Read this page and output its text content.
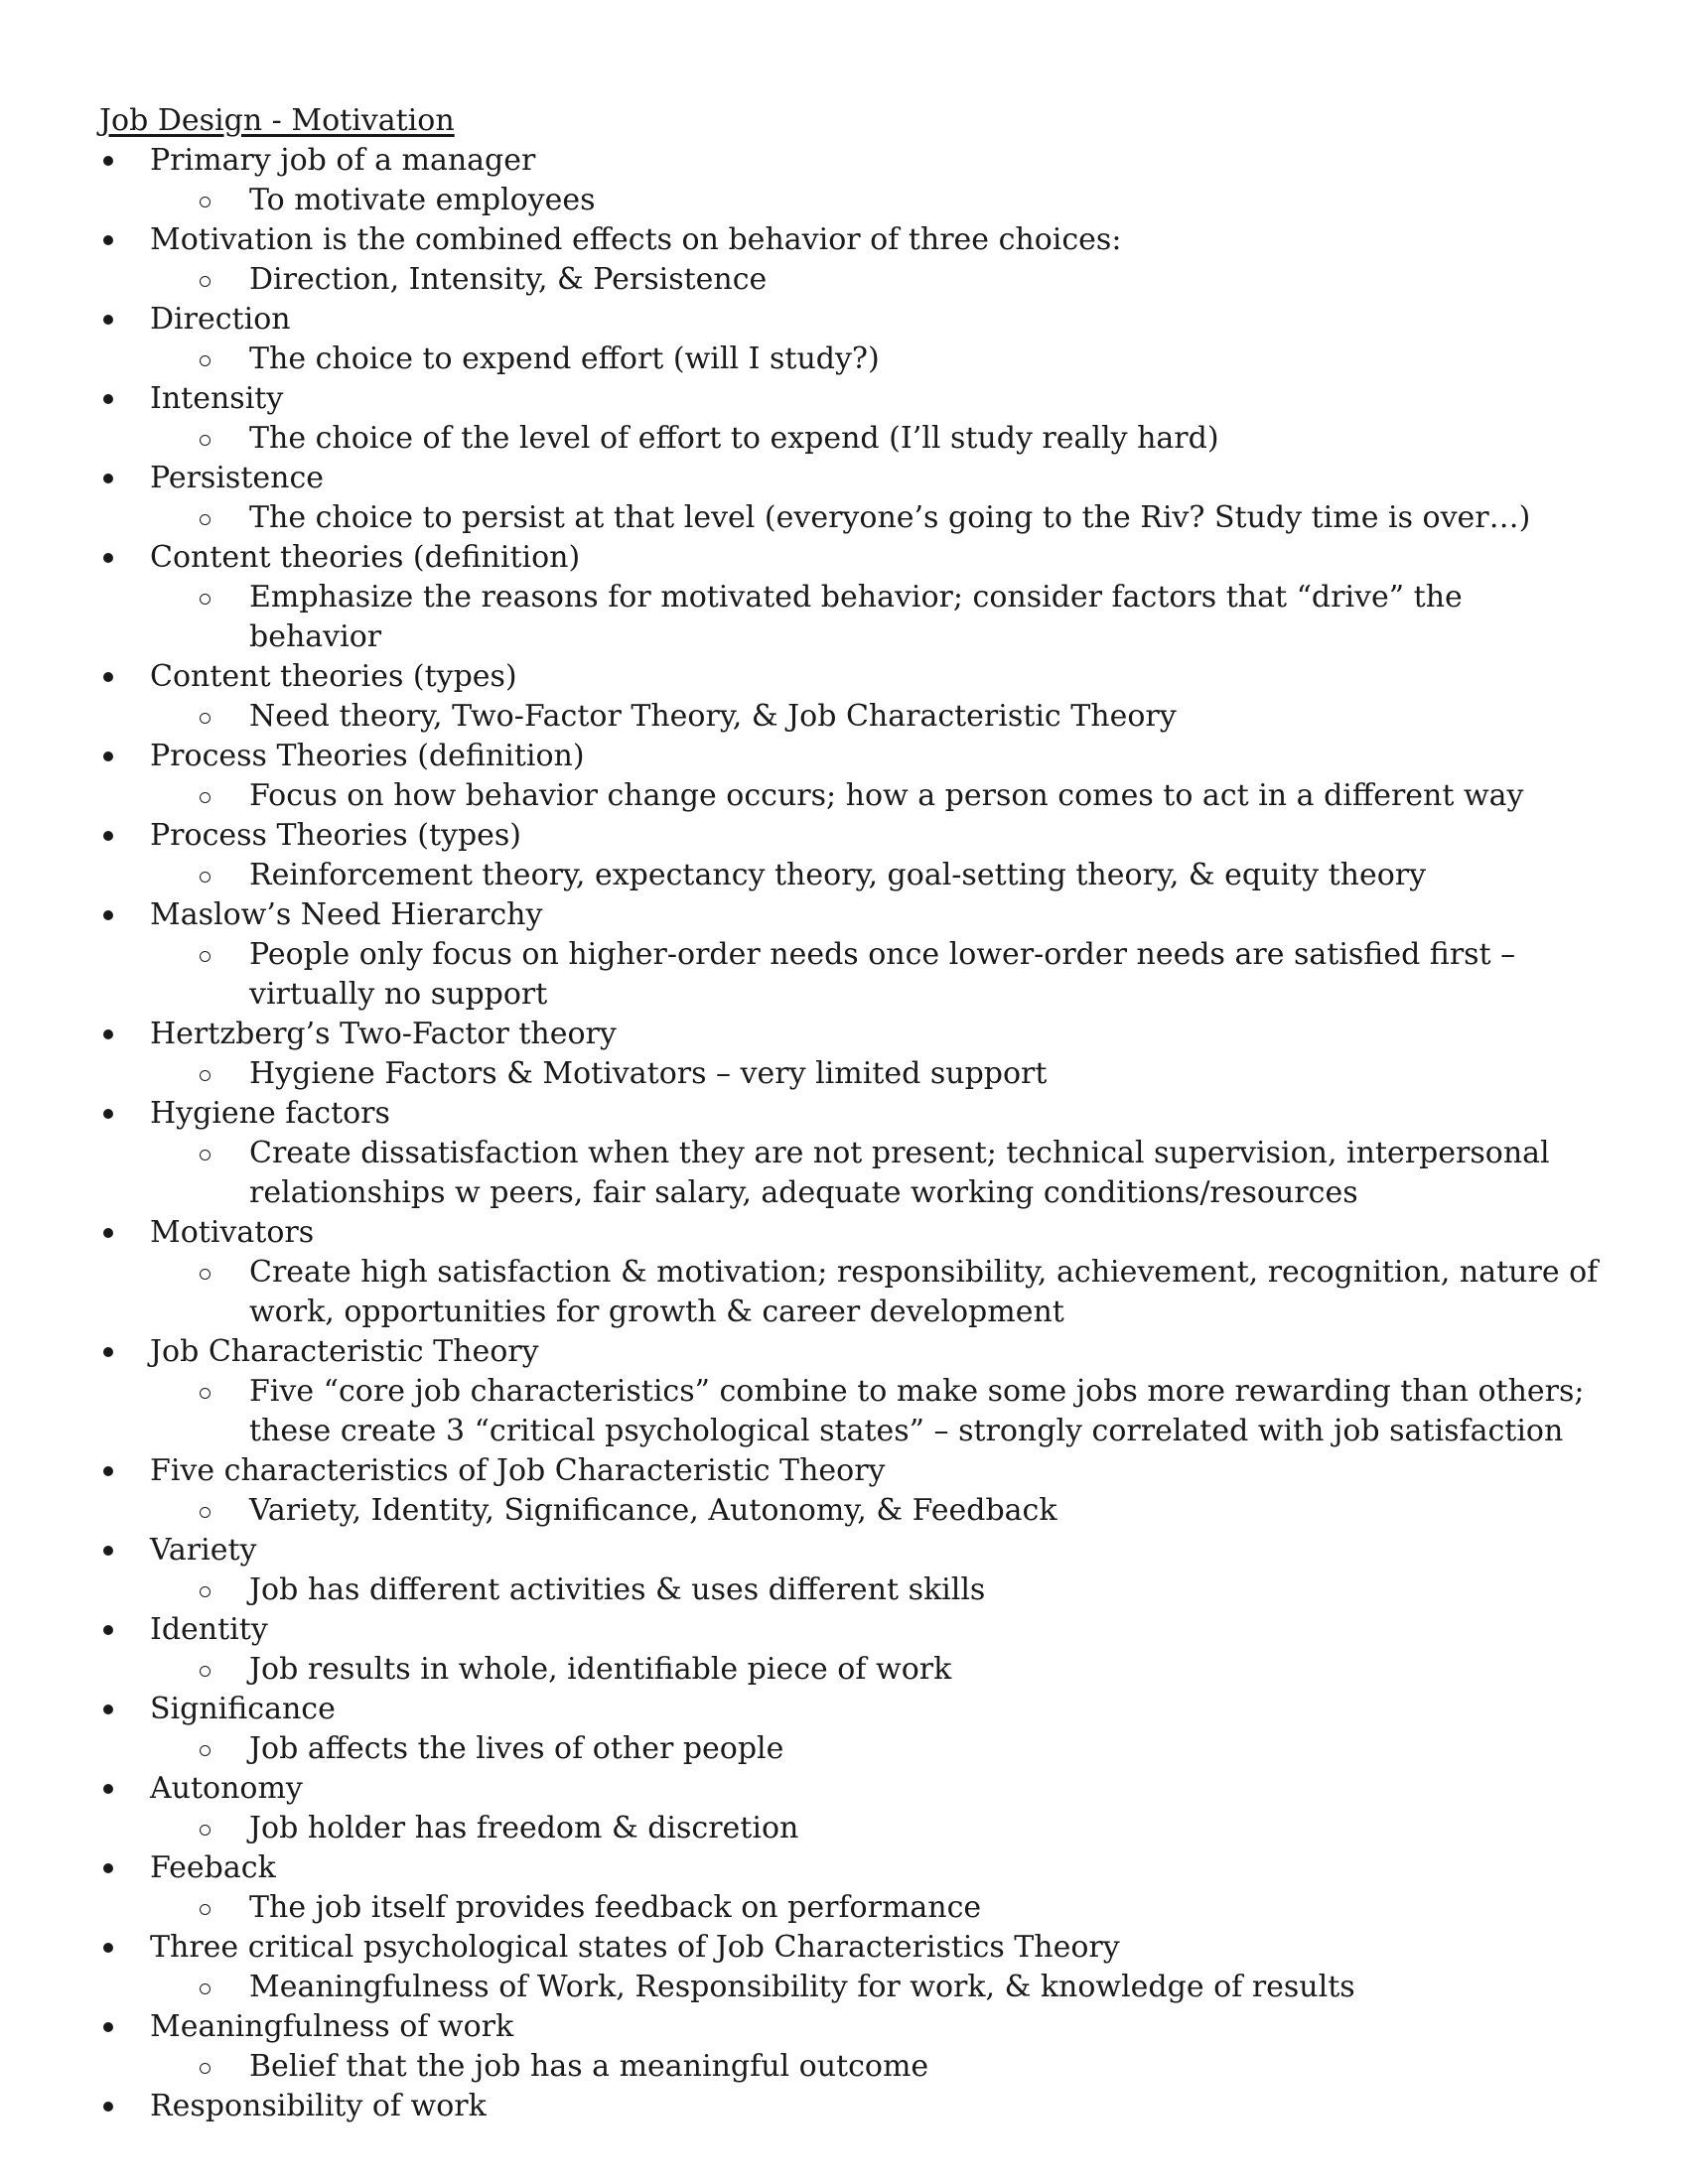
Job Design - Motivation
Primary job of a manager
To motivate employees
Motivation is the combined effects on behavior of three choices:
Direction, Intensity, & Persistence
Direction
The choice to expend effort (will I study?)
Intensity
The choice of the level of effort to expend (I’ll study really hard)
Persistence
The choice to persist at that level (everyone’s going to the Riv? Study time is over…)
Content theories (definition)
Emphasize the reasons for motivated behavior; consider factors that “drive” the behavior
Content theories (types)
Need theory, Two-Factor Theory, & Job Characteristic Theory
Process Theories (definition)
Focus on how behavior change occurs; how a person comes to act in a different way
Process Theories (types)
Reinforcement theory, expectancy theory, goal-setting theory, & equity theory
Maslow’s Need Hierarchy
People only focus on higher-order needs once lower-order needs are satisfied first – virtually no support
Hertzberg’s Two-Factor theory
Hygiene Factors & Motivators – very limited support
Hygiene factors
Create dissatisfaction when they are not present; technical supervision, interpersonal relationships w peers, fair salary, adequate working conditions/resources
Motivators
Create high satisfaction & motivation; responsibility, achievement, recognition, nature of work, opportunities for growth & career development
Job Characteristic Theory
Five “core job characteristics” combine to make some jobs more rewarding than others; these create 3 “critical psychological states” – strongly correlated with job satisfaction
Five characteristics of Job Characteristic Theory
Variety, Identity, Significance, Autonomy, & Feedback
Variety
Job has different activities & uses different skills
Identity
Job results in whole, identifiable piece of work
Significance
Job affects the lives of other people
Autonomy
Job holder has freedom & discretion
Feeback
The job itself provides feedback on performance
Three critical psychological states of Job Characteristics Theory
Meaningfulness of Work, Responsibility for work, & knowledge of results
Meaningfulness of work
Belief that the job has a meaningful outcome
Responsibility of work
